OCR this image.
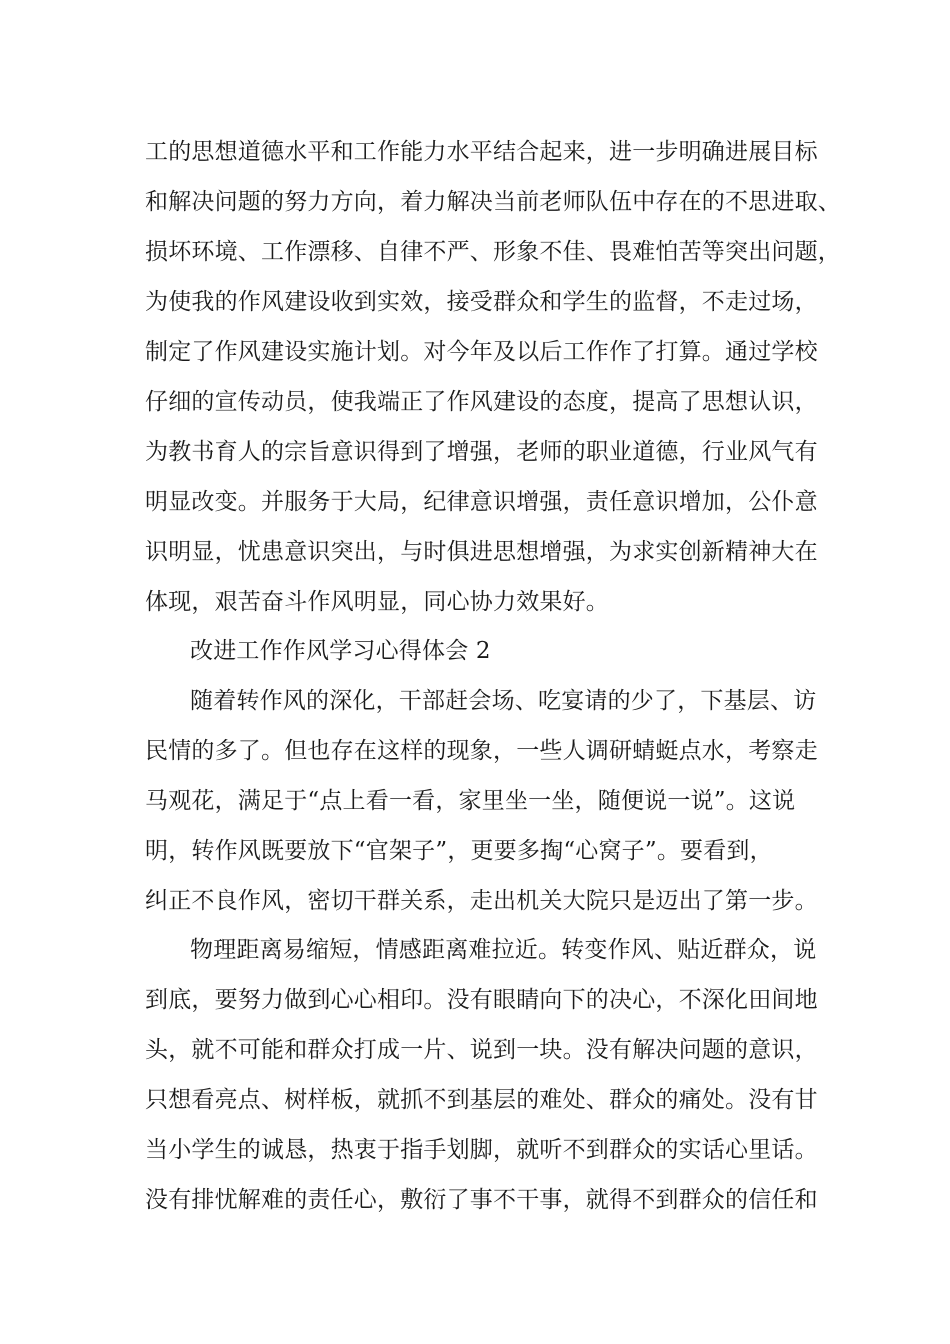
工的思想道德水平和工作能力水平结合起来，进一步明确进展目标
和解决问题的努力方向，着力解决当前老师队伍中存在的不思进取、
损坏环境、工作漂移、自律不严、形象不佳、畏难怕苦等突出问题，
为使我的作风建设收到实效，接受群众和学生的监督，不走过场，
制定了作风建设实施计划。对今年及以后工作作了打算。通过学校
仔细的宣传动员，使我端正了作风建设的态度，提高了思想认识，
为教书育人的宗旨意识得到了增强，老师的职业道德，行业风气有
明显改变。并服务于大局，纪律意识增强，责任意识增加，公仆意
识明显，忧患意识突出，与时俱进思想增强，为求实创新精神大在
体现，艰苦奋斗作风明显，同心协力效果好。
改进工作作风学习心得体会 2
随着转作风的深化，干部赶会场、吃宴请的少了，下基层、访
民情的多了。但也存在这样的现象，一些人调研蜻蜓点水，考察走
马观花，满足于“点上看一看，家里坐一坐，随便说一说”。这说
明，转作风既要放下“官架子”，更要多掏“心窝子”。要看到，
纠正不良作风，密切干群关系，走出机关大院只是迈出了第一步。
物理距离易缩短，情感距离难拉近。转变作风、贴近群众，说
到底，要努力做到心心相印。没有眼睛向下的决心，不深化田间地
头，就不可能和群众打成一片、说到一块。没有解决问题的意识，
只想看亮点、树样板，就抓不到基层的难处、群众的痛处。没有甘
当小学生的诚恳，热衷于指手划脚，就听不到群众的实话心里话。
没有排忧解难的责任心，敷衍了事不干事，就得不到群众的信任和
